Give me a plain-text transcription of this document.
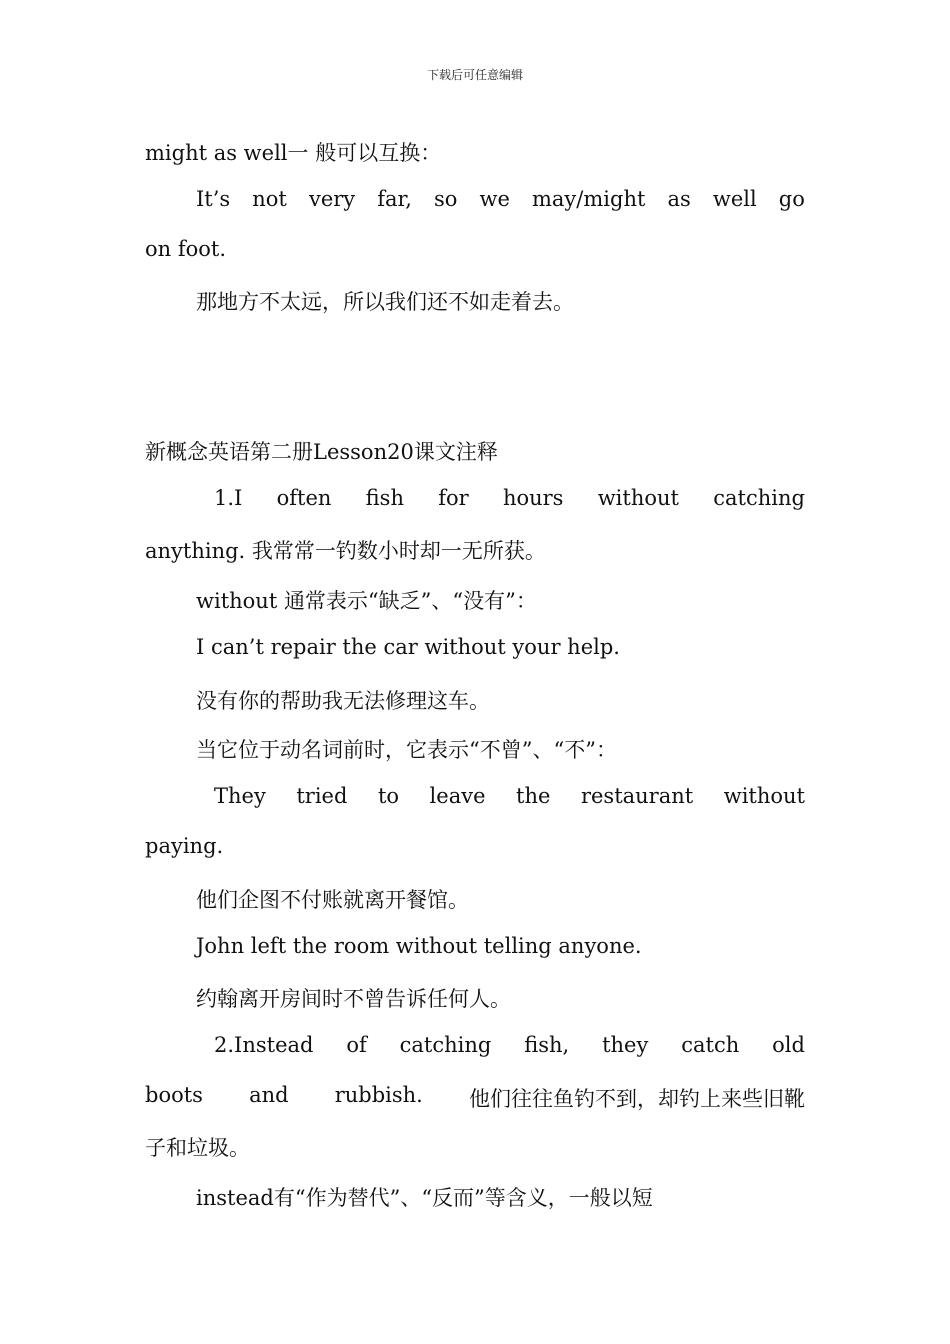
下载后可任意编辑
might as well一 般可以互换：
It’s not very far, so we may/might as well go
on foot.
那地方不太远，所以我们还不如走着去。
新概念英语第二册Lesson20课文注释
1.I often fish for hours without catching
anything. 我常常一钓数小时却一无所获。
without 通常表示“缺乏”、“没有”：
I can’t repair the car without your help.
没有你的帮助我无法修理这车。
当它位于动名词前时，它表示“不曾”、“不”：
They tried to leave the restaurant without
paying.
他们企图不付账就离开餐馆。
John left the room without telling anyone.
约翰离开房间时不曾告诉任何人。
2.Instead of catching fish, they catch old
boots and rubbish. 他们往往鱼钓不到，却钓上来些旧靴
子和垃圾。
instead有“作为替代”、“反而”等含义，一般以短
